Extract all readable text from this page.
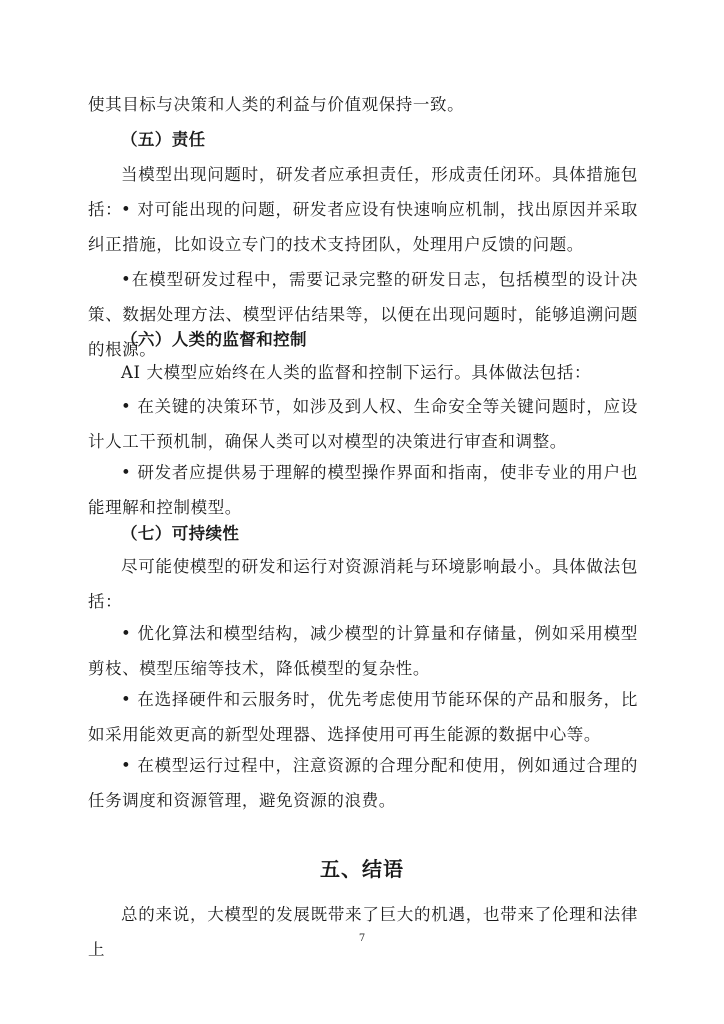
使其目标与决策和人类的利益与价值观保持一致。

（五）责任

当模型出现问题时，研发者应承担责任，形成责任闭环。具体措施包括：

• 对可能出现的问题，研发者应设有快速响应机制，找出原因并采取纠正措施，比如设立专门的技术支持团队，处理用户反馈的问题。

•在模型研发过程中，需要记录完整的研发日志，包括模型的设计决策、数据处理方法、模型评估结果等，以便在出现问题时，能够追溯问题的根源。

（六）人类的监督和控制

AI 大模型应始终在人类的监督和控制下运行。具体做法包括：

• 在关键的决策环节，如涉及到人权、生命安全等关键问题时，应设计人工干预机制，确保人类可以对模型的决策进行审查和调整。

• 研发者应提供易于理解的模型操作界面和指南，使非专业的用户也能理解和控制模型。

（七）可持续性

尽可能使模型的研发和运行对资源消耗与环境影响最小。具体做法包括：

• 优化算法和模型结构，减少模型的计算量和存储量，例如采用模型剪枝、模型压缩等技术，降低模型的复杂性。

• 在选择硬件和云服务时，优先考虑使用节能环保的产品和服务，比如采用能效更高的新型处理器、选择使用可再生能源的数据中心等。

• 在模型运行过程中，注意资源的合理分配和使用，例如通过合理的任务调度和资源管理，避免资源的浪费。

五、结语

总的来说，大模型的发展既带来了巨大的机遇，也带来了伦理和法律上

7
